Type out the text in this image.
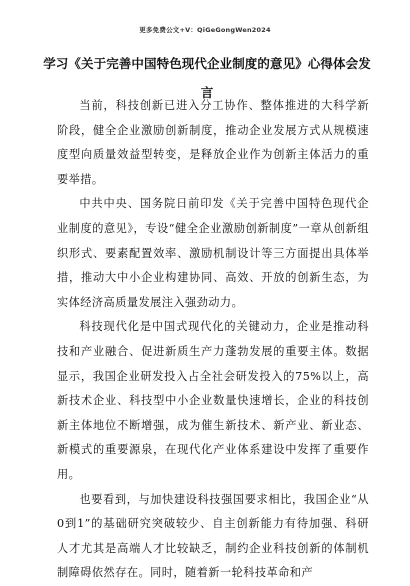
更多免费公文+V：QiGeGongWen2024
学习《关于完善中国特色现代企业制度的意见》心得体会发言

当前，科技创新已进入分工协作、整体推进的大科学新阶段，健全企业激励创新制度，推动企业发展方式从规模速度型向质量效益型转变，是释放企业作为创新主体活力的重要举措。

中共中央、国务院日前印发《关于完善中国特色现代企业制度的意见》，专设“健全企业激励创新制度”一章从创新组织形式、要素配置效率、激励机制设计等三方面提出具体举措，推动大中小企业构建协同、高效、开放的创新生态，为实体经济高质量发展注入强劲动力。

科技现代化是中国式现代化的关键动力，企业是推动科技和产业融合、促进新质生产力蓬勃发展的重要主体。数据显示，我国企业研发投入占全社会研发投入的75%以上，高新技术企业、科技型中小企业数量快速增长，企业的科技创新主体地位不断增强，成为催生新技术、新产业、新业态、新模式的重要源泉，在现代化产业体系建设中发挥了重要作用。

也要看到，与加快建设科技强国要求相比，我国企业“从0到1”的基础研究突破较少、自主创新能力有待加强、科研人才尤其是高端人才比较缺乏，制约企业科技创新的体制机制障碍依然存在。同时，随着新一轮科技革命和产
